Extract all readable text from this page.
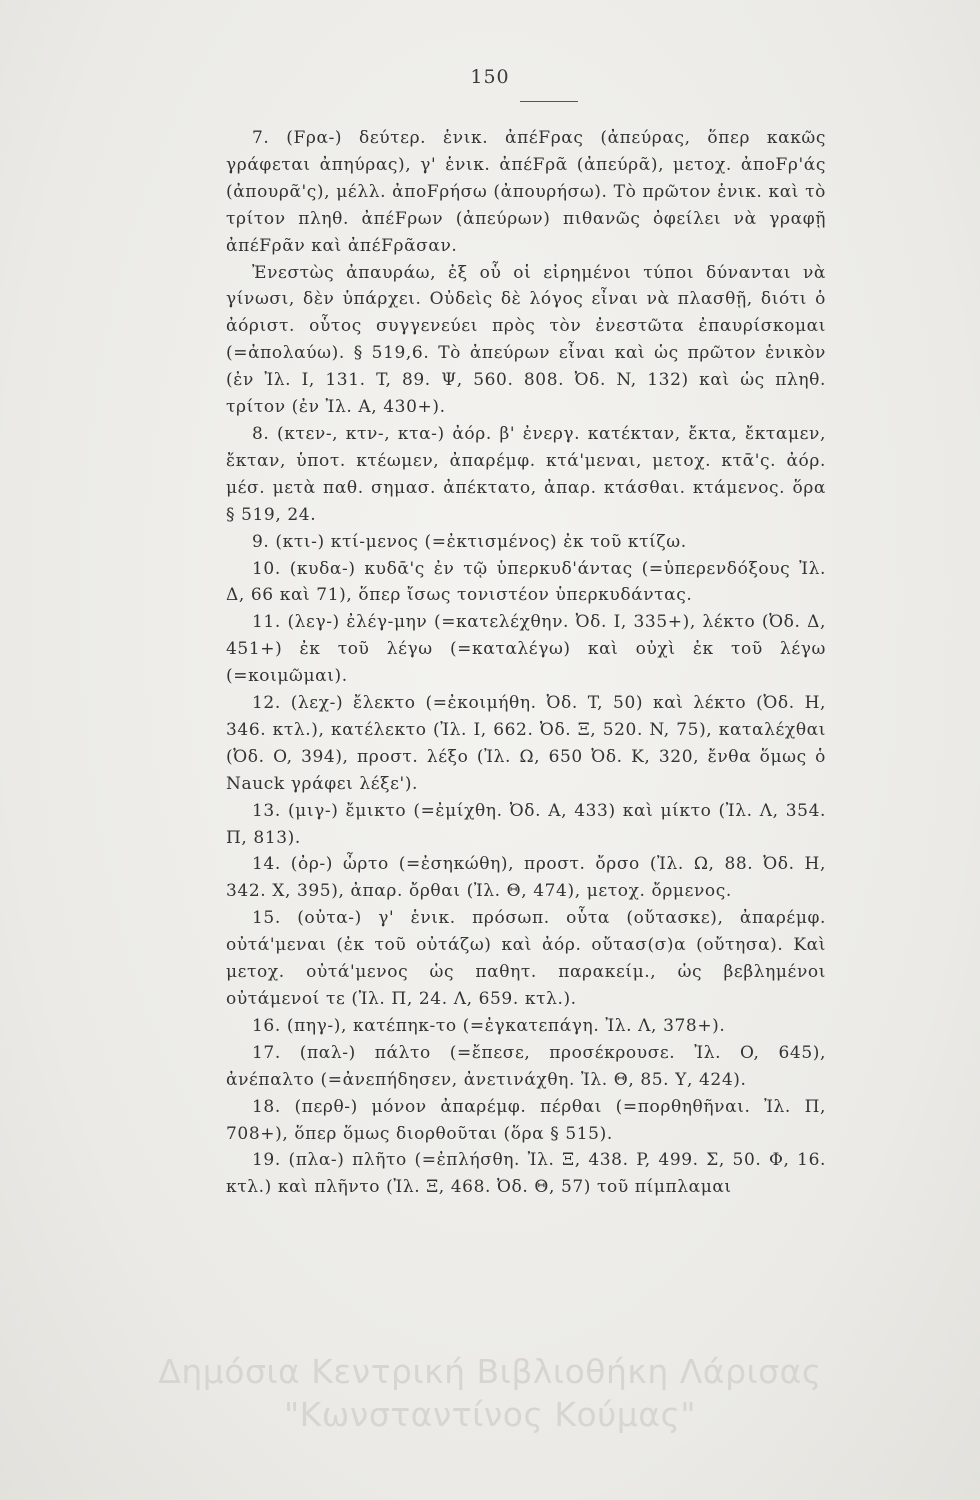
150

7. (Fρα-) δεύτερ. ἑνικ. ἀπέFρας (ἀπεύρας, ὅπερ κακῶς γράφεται ἀπηύρας), γ' ἑνικ. ἀπέFρᾶ (ἀπεύρᾶ), μετοχ. ἀποFρ'άς (ἀπουρᾶ'ς), μέλλ. ἀποFρήσω (ἀπουρήσω). Τὸ πρῶτον ἑνικ. καὶ τὸ τρίτον πληθ. ἀπέFρων (ἀπεύρων) πιθανῶς ὀφείλει νὰ γραφῇ ἀπέFρᾶν καὶ ἀπέFρᾶσαν.

Ἐνεστὼς ἀπαυράω, ἐξ οὗ οἱ εἰρημένοι τύποι δύνανται νὰ γίνωσι, δὲν ὑπάρχει. Οὐδεὶς δὲ λόγος εἶναι νὰ πλασθῇ, διότι ὁ ἀόριστ. οὗτος συγγενεύει πρὸς τὸν ἐνεστῶτα ἐπαυρίσκομαι (=ἀπολαύω). § 519,6. Τὸ ἀπεύρων εἶναι καὶ ὡς πρῶτον ἑνικὸν (ἐν Ἰλ. I, 131. T, 89. Ψ, 560. 808. Ὀδ. N, 132) καὶ ὡς πληθ. τρίτον (ἐν Ἰλ. A, 430+).

8. (κτεν-, κτν-, κτα-) ἀόρ. β' ἐνεργ. κατέκταν, ἔκτα, ἔκταμεν, ἔκταν, ὑποτ. κτέωμεν, ἀπαρέμφ. κτά'μεναι, μετοχ. κτᾱ'ς. ἀόρ. μέσ. μετὰ παθ. σημασ. ἀπέκτατο, ἀπαρ. κτάσθαι. κτάμενος. ὅρα § 519, 24.

9. (κτι-) κτί-μενος (=ἐκτισμένος) ἐκ τοῦ κτίζω.

10. (κυδα-) κυδᾱ'ς ἐν τῷ ὑπερκυδ'άντας (=ὑπερενδόξους Ἰλ. Δ, 66 καὶ 71), ὅπερ ἴσως τονιστέον ὑπερκυδάντας.

11. (λεγ-) ἐλέγ-μην (=κατελέχθην. Ὀδ. I, 335+), λέκτο (Ὀδ. Δ, 451+) ἐκ τοῦ λέγω (=καταλέγω) καὶ οὐχὶ ἐκ τοῦ λέγω (=κοιμῶμαι).

12. (λεχ-) ἔλεκτο (=ἐκοιμήθη. Ὀδ. T, 50) καὶ λέκτο (Ὀδ. H, 346. κτλ.), κατέλεκτο (Ἰλ. I, 662. Ὀδ. Ξ, 520. N, 75), καταλέχθαι (Ὀδ. O, 394), προστ. λέξο (Ἰλ. Ω, 650 Ὀδ. K, 320, ἔνθα ὅμως ὁ Nauck γράφει λέξε').

13. (μιγ-) ἔμικτο (=ἐμίχθη. Ὀδ. A, 433) καὶ μίκτο (Ἰλ. Λ, 354. Π, 813).

14. (ὀρ-) ὦρτο (=ἐσηκώθη), προστ. ὄρσο (Ἰλ. Ω, 88. Ὀδ. H, 342. X, 395), ἀπαρ. ὄρθαι (Ἰλ. Θ, 474), μετοχ. ὄρμενος.

15. (οὐτα-) γ' ἑνικ. πρόσωπ. οὗτα (οὔτασκε), ἀπαρέμφ. οὐτά'μεναι (ἐκ τοῦ οὐτάζω) καὶ ἀόρ. οὔτασ(σ)α (οὔτησα). Καὶ μετοχ. οὐτά'μενος ὡς παθητ. παρακείμ., ὡς βεβλημένοι οὐτάμενοί τε (Ἰλ. Π, 24. Λ, 659. κτλ.).

16. (πηγ-), κατέπηκ-το (=ἐγκατεπάγη. Ἰλ. Λ, 378+).

17. (παλ-) πάλτο (=ἔπεσε, προσέκρουσε. Ἰλ. O, 645), ἀνέπαλτο (=ἀνεπήδησεν, ἀνετινάχθη. Ἰλ. Θ, 85. Υ, 424).

18. (περθ-) μόνον ἀπαρέμφ. πέρθαι (=πορθηθῆναι. Ἰλ. Π, 708+), ὅπερ ὅμως διορθοῦται (ὅρα § 515).

19. (πλα-) πλῆτο (=ἐπλήσθη. Ἰλ. Ξ, 438. P, 499. Σ, 50. Φ, 16. κτλ.) καὶ πλῆντο (Ἰλ. Ξ, 468. Ὀδ. Θ, 57) τοῦ πίμπλαμαι

Δημόσια Κεντρική Βιβλιοθήκη Λάρισας
"Κωνσταντίνος Κούμας"
